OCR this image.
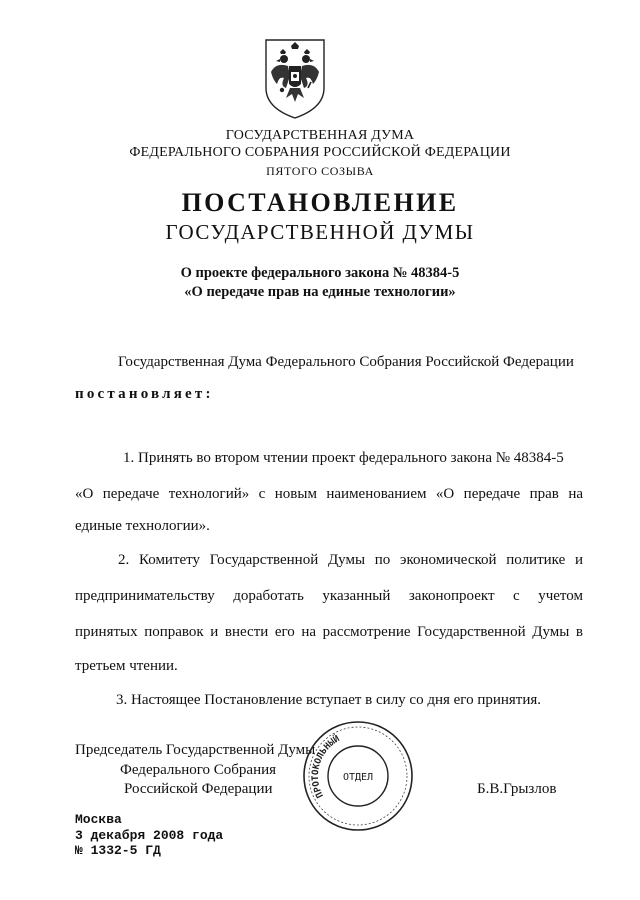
ГОСУДАРСТВЕННАЯ ДУМА
ФЕДЕРАЛЬНОГО СОБРАНИЯ РОССИЙСКОЙ ФЕДЕРАЦИИ
ПЯТОГО СОЗЫВА
ПОСТАНОВЛЕНИЕ
ГОСУДАРСТВЕННОЙ ДУМЫ
О проекте федерального закона № 48384-5
«О передаче прав на единые технологии»
Государственная Дума Федерального Собрания Российской Федерации
постановляет:
1. Принять во втором чтении проект федерального закона № 48384-5
«О передаче технологий» с новым наименованием «О передаче прав на
единые технологии».
2. Комитету Государственной Думы по экономической политике и
предпринимательству доработать указанный законопроект с учетом
принятых поправок и внести его на рассмотрение Государственной Думы в
третьем чтении.
3. Настоящее Постановление вступает в силу со дня его принятия.
Председатель Государственной Думы
Федерального Собрания
Российской Федерации	Б.В.Грызлов
ПРОТОКОЛЬНЫЙ
ОТДЕЛ
Москва
3 декабря 2008 года
№ 1332-5 ГД
